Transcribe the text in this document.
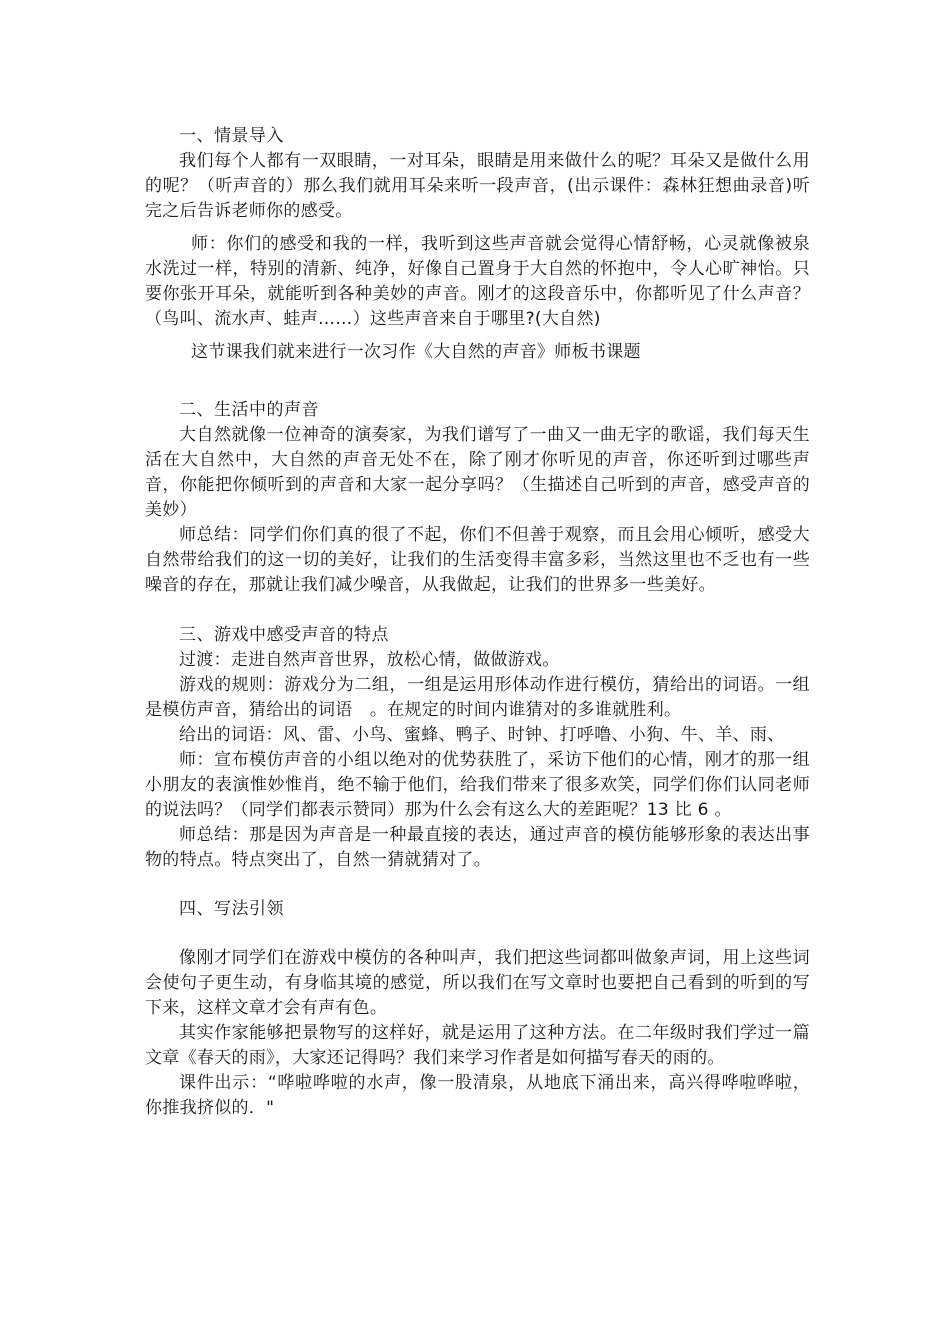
一、情景导入

我们每个人都有一双眼睛，一对耳朵，眼睛是用来做什么的呢？耳朵又是做什么用的呢？（听声音的）那么我们就用耳朵来听一段声音，(出示课件：森林狂想曲录音)听完之后告诉老师你的感受。

师：你们的感受和我的一样，我听到这些声音就会觉得心情舒畅，心灵就像被泉水洗过一样，特别的清新、纯净，好像自己置身于大自然的怀抱中，令人心旷神怡。只要你张开耳朵，就能听到各种美妙的声音。刚才的这段音乐中，你都听见了什么声音？（鸟叫、流水声、蛙声……）这些声音来自于哪里?(大自然)

这节课我们就来进行一次习作《大自然的声音》师板书课题

二、生活中的声音

大自然就像一位神奇的演奏家，为我们谱写了一曲又一曲无字的歌谣，我们每天生活在大自然中，大自然的声音无处不在，除了刚才你听见的声音，你还听到过哪些声音，你能把你倾听到的声音和大家一起分享吗？（生描述自己听到的声音，感受声音的美妙）

师总结：同学们你们真的很了不起，你们不但善于观察，而且会用心倾听，感受大自然带给我们的这一切的美好，让我们的生活变得丰富多彩，当然这里也不乏也有一些噪音的存在，那就让我们减少噪音，从我做起，让我们的世界多一些美好。

三、游戏中感受声音的特点

过渡：走进自然声音世界，放松心情，做做游戏。

游戏的规则：游戏分为二组，一组是运用形体动作进行模仿，猜给出的词语。一组是模仿声音，猜给出的词语　。在规定的时间内谁猜对的多谁就胜利。

给出的词语：风、雷、小鸟、蜜蜂、鸭子、时钟、打呼噜、小狗、牛、羊、雨、

师：宣布模仿声音的小组以绝对的优势获胜了，采访下他们的心情，刚才的那一组小朋友的表演惟妙惟肖，绝不输于他们，给我们带来了很多欢笑，同学们你们认同老师的说法吗？（同学们都表示赞同）那为什么会有这么大的差距呢？13 比 6 。

师总结：那是因为声音是一种最直接的表达，通过声音的模仿能够形象的表达出事物的特点。特点突出了，自然一猜就猜对了。

四、写法引领

像刚才同学们在游戏中模仿的各种叫声，我们把这些词都叫做象声词，用上这些词会使句子更生动，有身临其境的感觉，所以我们在写文章时也要把自己看到的听到的写下来，这样文章才会有声有色。

其实作家能够把景物写的这样好，就是运用了这种方法。在二年级时我们学过一篇文章《春天的雨》，大家还记得吗？我们来学习作者是如何描写春天的雨的。

课件出示：“哗啦哗啦的水声，像一股清泉，从地底下涌出来，高兴得哗啦哗啦，你推我挤似的．"
